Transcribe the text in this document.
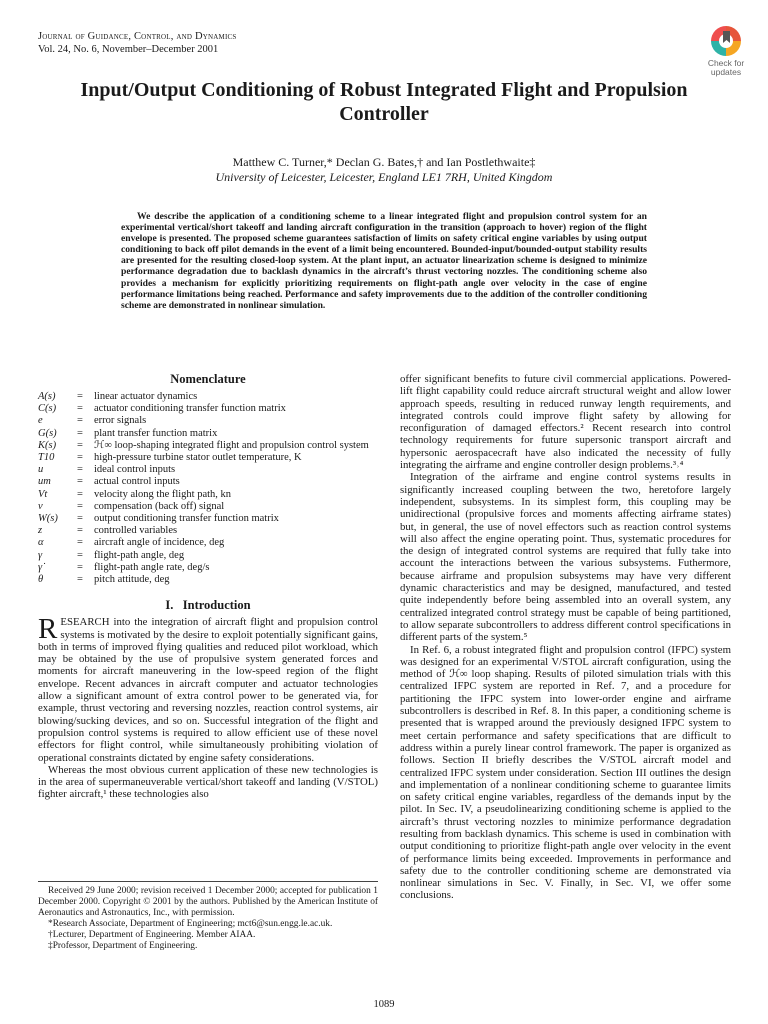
Journal of Guidance, Control, and Dynamics
Vol. 24, No. 6, November–December 2001
Check for
updates
Input/Output Conditioning of Robust Integrated Flight and Propulsion Controller
Matthew C. Turner,* Declan G. Bates,† and Ian Postlethwaite‡
University of Leicester, Leicester, England LE1 7RH, United Kingdom
We describe the application of a conditioning scheme to a linear integrated flight and propulsion control system for an experimental vertical/short takeoff and landing aircraft configuration in the transition (approach to hover) region of the flight envelope is presented. The proposed scheme guarantees satisfaction of limits on safety critical engine variables by using output conditioning to back off pilot demands in the event of a limit being encountered. Bounded-input/bounded-output stability results are presented for the resulting closed-loop system. At the plant input, an actuator linearization scheme is designed to minimize performance degradation due to backlash dynamics in the aircraft’s thrust vectoring nozzles. The conditioning scheme also provides a mechanism for explicitly prioritizing requirements on flight-path angle over velocity in the case of engine performance limitations being reached. Performance and safety improvements due to the addition of the controller conditioning scheme are demonstrated in nonlinear simulation.
Nomenclature
A(s)	=	linear actuator dynamics
C(s)	=	actuator conditioning transfer function matrix
e	=	error signals
G(s)	=	plant transfer function matrix
K(s)	=	ℋ∞ loop-shaping integrated flight and propulsion control system
T10	=	high-pressure turbine stator outlet temperature, K
u	=	ideal control inputs
um	=	actual control inputs
Vt	=	velocity along the flight path, kn
v	=	compensation (back off) signal
W(s)	=	output conditioning transfer function matrix
z	=	controlled variables
α	=	aircraft angle of incidence, deg
γ	=	flight-path angle, deg
γ̇	=	flight-path angle rate, deg/s
θ	=	pitch attitude, deg
I.   Introduction

RESEARCH into the integration of aircraft flight and propulsion control systems is motivated by the desire to exploit potentially significant gains, both in terms of improved flying qualities and reduced pilot workload, which may be obtained by the use of propulsive system generated forces and moments for aircraft maneuvering in the low-speed region of the flight envelope. Recent advances in aircraft computer and actuator technologies allow a significant amount of extra control power to be generated via, for example, thrust vectoring and reversing nozzles, reaction control systems, air blowing/sucking devices, and so on. Successful integration of the flight and propulsion control systems is required to allow efficient use of these novel effectors for flight control, while simultaneously prohibiting violation of operational constraints dictated by engine safety considerations.

Whereas the most obvious current application of these new technologies is in the area of supermaneuverable vertical/short takeoff and landing (V/STOL) fighter aircraft,¹ these technologies also

offer significant benefits to future civil commercial applications. Powered-lift flight capability could reduce aircraft structural weight and allow lower approach speeds, resulting in reduced runway length requirements, and integrated controls could improve flight safety by allowing for reconfiguration of damaged effectors.² Recent research into control technology requirements for future supersonic transport aircraft and hypersonic aerospacecraft have also indicated the necessity of fully integrating the airframe and engine controller design problems.³˒⁴

Integration of the airframe and engine control systems results in significantly increased coupling between the two, heretofore largely independent, subsystems. In its simplest form, this coupling may be unidirectional (propulsive forces and moments affecting airframe states) but, in general, the use of novel effectors such as reaction control systems will also affect the engine operating point. Thus, systematic procedures for the design of integrated control systems are required that fully take into account the interactions between the various subsystems. Futhermore, because airframe and propulsion subsystems may have very different dynamic characteristics and may be designed, manufactured, and tested quite independently before being assembled into an overall system, any centralized integrated control strategy must be capable of being partitioned, to allow separate subcontrollers to address different control specifications in different parts of the system.⁵

In Ref. 6, a robust integrated flight and propulsion control (IFPC) system was designed for an experimental V/STOL aircraft configuration, using the method of ℋ∞ loop shaping. Results of piloted simulation trials with this centralized IFPC system are reported in Ref. 7, and a procedure for partitioning the IFPC system into lower-order engine and airframe subcontrollers is described in Ref. 8. In this paper, a conditioning scheme is presented that is wrapped around the previously designed IFPC system to meet certain performance and safety specifications that are difficult to address within a purely linear control framework. The paper is organized as follows. Section II briefly describes the V/STOL aircraft model and centralized IFPC system under consideration. Section III outlines the design and implementation of a nonlinear conditioning scheme to guarantee limits on safety critical engine variables, regardless of the demands input by the pilot. In Sec. IV, a pseudolinearizing conditioning scheme is applied to the aircraft’s thrust vectoring nozzles to minimize performance degradation resulting from backlash dynamics. This scheme is used in combination with output conditioning to prioritize flight-path angle over velocity in the event of performance limits being exceeded. Improvements in performance and safety due to the controller conditioning scheme are demonstrated via nonlinear simulations in Sec. V. Finally, in Sec. VI, we offer some conclusions.

Received 29 June 2000; revision received 1 December 2000; accepted for publication 1 December 2000. Copyright © 2001 by the authors. Published by the American Institute of Aeronautics and Astronautics, Inc., with permission.

*Research Associate, Department of Engineering; mct6@sun.engg.le.ac.uk.

†Lecturer, Department of Engineering. Member AIAA.

‡Professor, Department of Engineering.

1089
